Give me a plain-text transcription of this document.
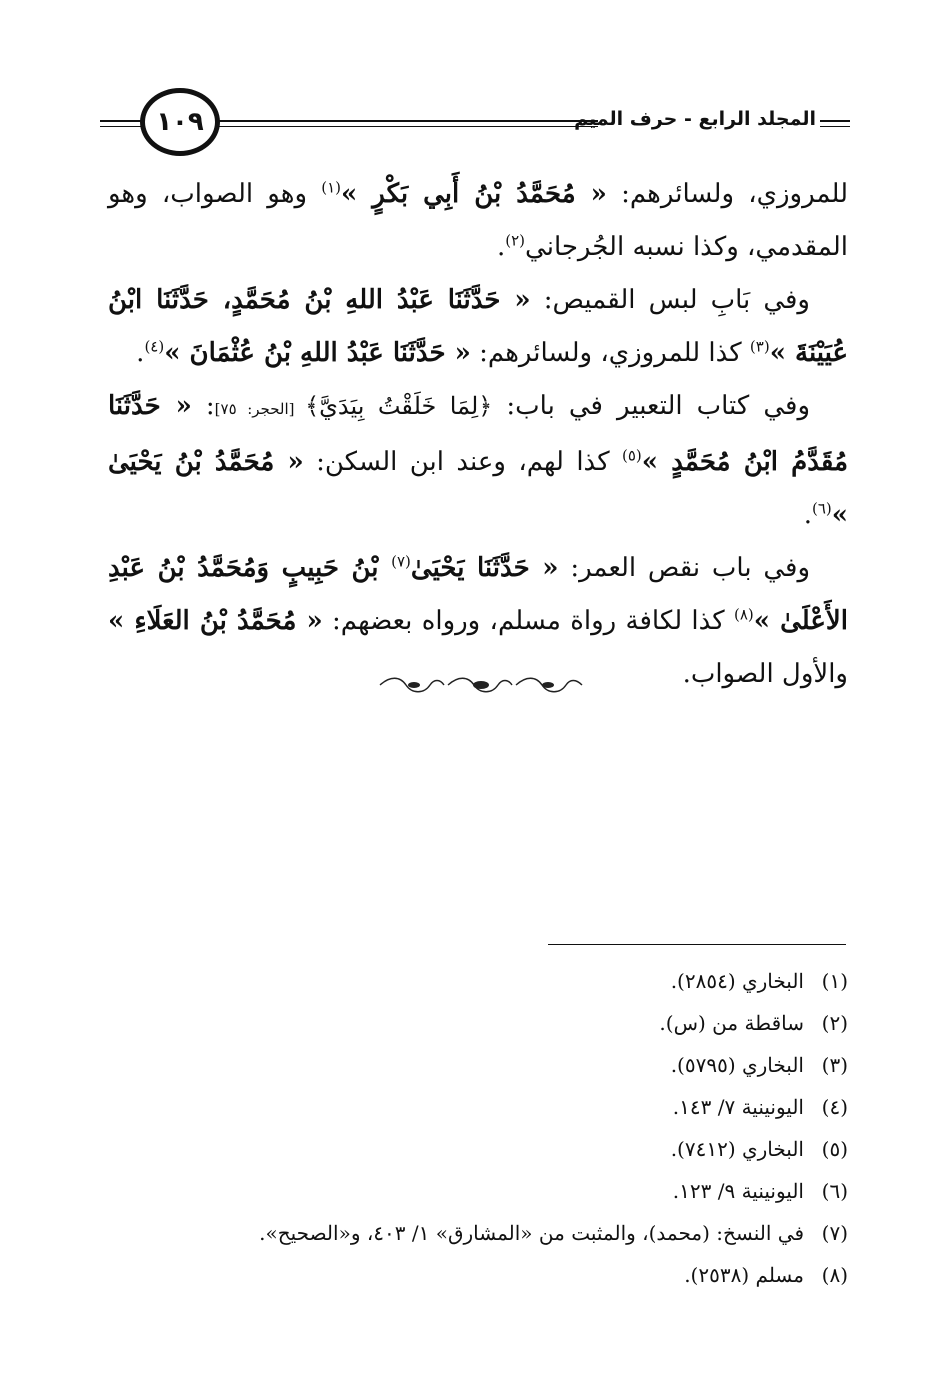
١٠٩	المجلد الرابع - حرف الميم

للمروزي، ولسائرهم: « مُحَمَّدُ بْنُ أَبِي بَكْرٍ »$^{(١)}$ وهو الصواب، وهو المقدمي، وكذا نسبه الجُرجاني$^{(٢)}$.

وفي بَابِ لبس القميص: « حَدَّثَنَا عَبْدُ اللهِ بْنُ مُحَمَّدٍ، حَدَّثَنَا ابْنُ عُيَيْنَةَ »$^{(٣)}$ كذا للمروزي، ولسائرهم: « حَدَّثَنَا عَبْدُ اللهِ بْنُ عُثْمَانَ »$^{(٤)}$.

وفي كتاب التعبير في باب: ﴿لِمَا خَلَقْتُ بِيَدَيَّ﴾ [الحجر: ٧٥]: « حَدَّثَنَا مُقَدَّمُ ابْنُ مُحَمَّدٍ »$^{(٥)}$ كذا لهم، وعند ابن السكن: « مُحَمَّدُ بْنُ يَحْيَىٰ »$^{(٦)}$.

وفي باب نقص العمر: « حَدَّثَنَا يَحْيَىٰ$^{(٧)}$ بْنُ حَبِيبٍ وَمُحَمَّدُ بْنُ عَبْدِ الأَعْلَىٰ »$^{(٨)}$ كذا لكافة رواة مسلم، ورواه بعضهم: « مُحَمَّدُ بْنُ العَلَاءِ » والأول الصواب.

(١)البخاري (٢٨٥٤).

(٢)ساقطة من (س).

(٣)البخاري (٥٧٩٥).

(٤)اليونينية ٧/ ١٤٣.

(٥)البخاري (٧٤١٢).

(٦)اليونينية ٩/ ١٢٣.

(٧)في النسخ: (محمد)، والمثبت من «المشارق» ١/ ٤٠٣، و«الصحيح».

(٨)مسلم (٢٥٣٨).
